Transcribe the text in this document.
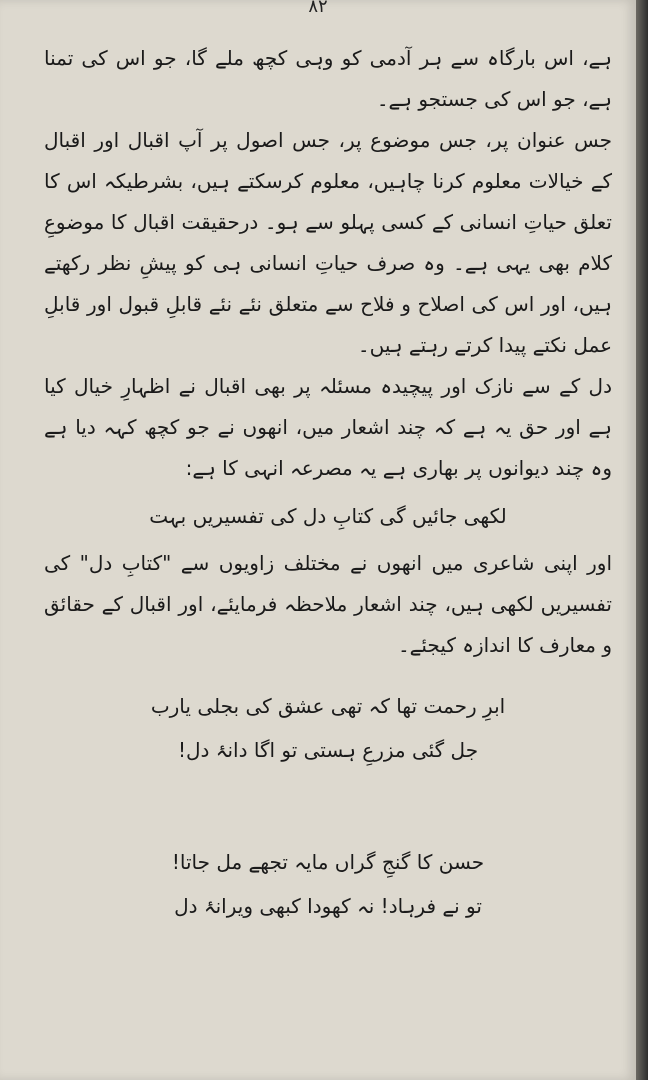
۸۲

ہے، اس بارگاہ سے ہر آدمی کو وہی کچھ ملے گا، جو اس کی تمنا ہے، جو اس کی جستجو ہے۔

جس عنوان پر، جس موضوع پر، جس اصول پر آپ اقبال اور اقبال کے خیالات معلوم کرنا چاہیں، معلوم کرسکتے ہیں، بشرطیکہ اس کا تعلق حیاتِ انسانی کے کسی پہلو سے ہو۔ درحقیقت اقبال کا موضوعِ کلام بھی یہی ہے۔ وہ صرف حیاتِ انسانی ہی کو پیشِ نظر رکھتے ہیں، اور اس کی اصلاح و فلاح سے متعلق نئے نئے قابلِ قبول اور قابلِ عمل نکتے پیدا کرتے رہتے ہیں۔

دل کے سے نازک اور پیچیدہ مسئلہ پر بھی اقبال نے اظہارِ خیال کیا ہے اور حق یہ ہے کہ چند اشعار میں، انھوں نے جو کچھ کہہ دیا ہے وہ چند دیوانوں پر بھاری ہے یہ مصرعہ انہی کا ہے:

لکھی جائیں گی کتابِ دل کی تفسیریں بہت

اور اپنی شاعری میں انھوں نے مختلف زاویوں سے "کتابِ دل" کی تفسیریں لکھی ہیں، چند اشعار ملاحظہ فرمایئے، اور اقبال کے حقائق و معارف کا اندازہ کیجئے۔

ابرِ رحمت تھا کہ تھی عشق کی بجلی یارب
جل گئی مزرعِ ہستی تو اگا دانۂ دل!
حسن کا گنجِ گراں مایہ تجھے مل جاتا!
تو نے فرہاد! نہ کھودا کبھی ویرانۂ دل
